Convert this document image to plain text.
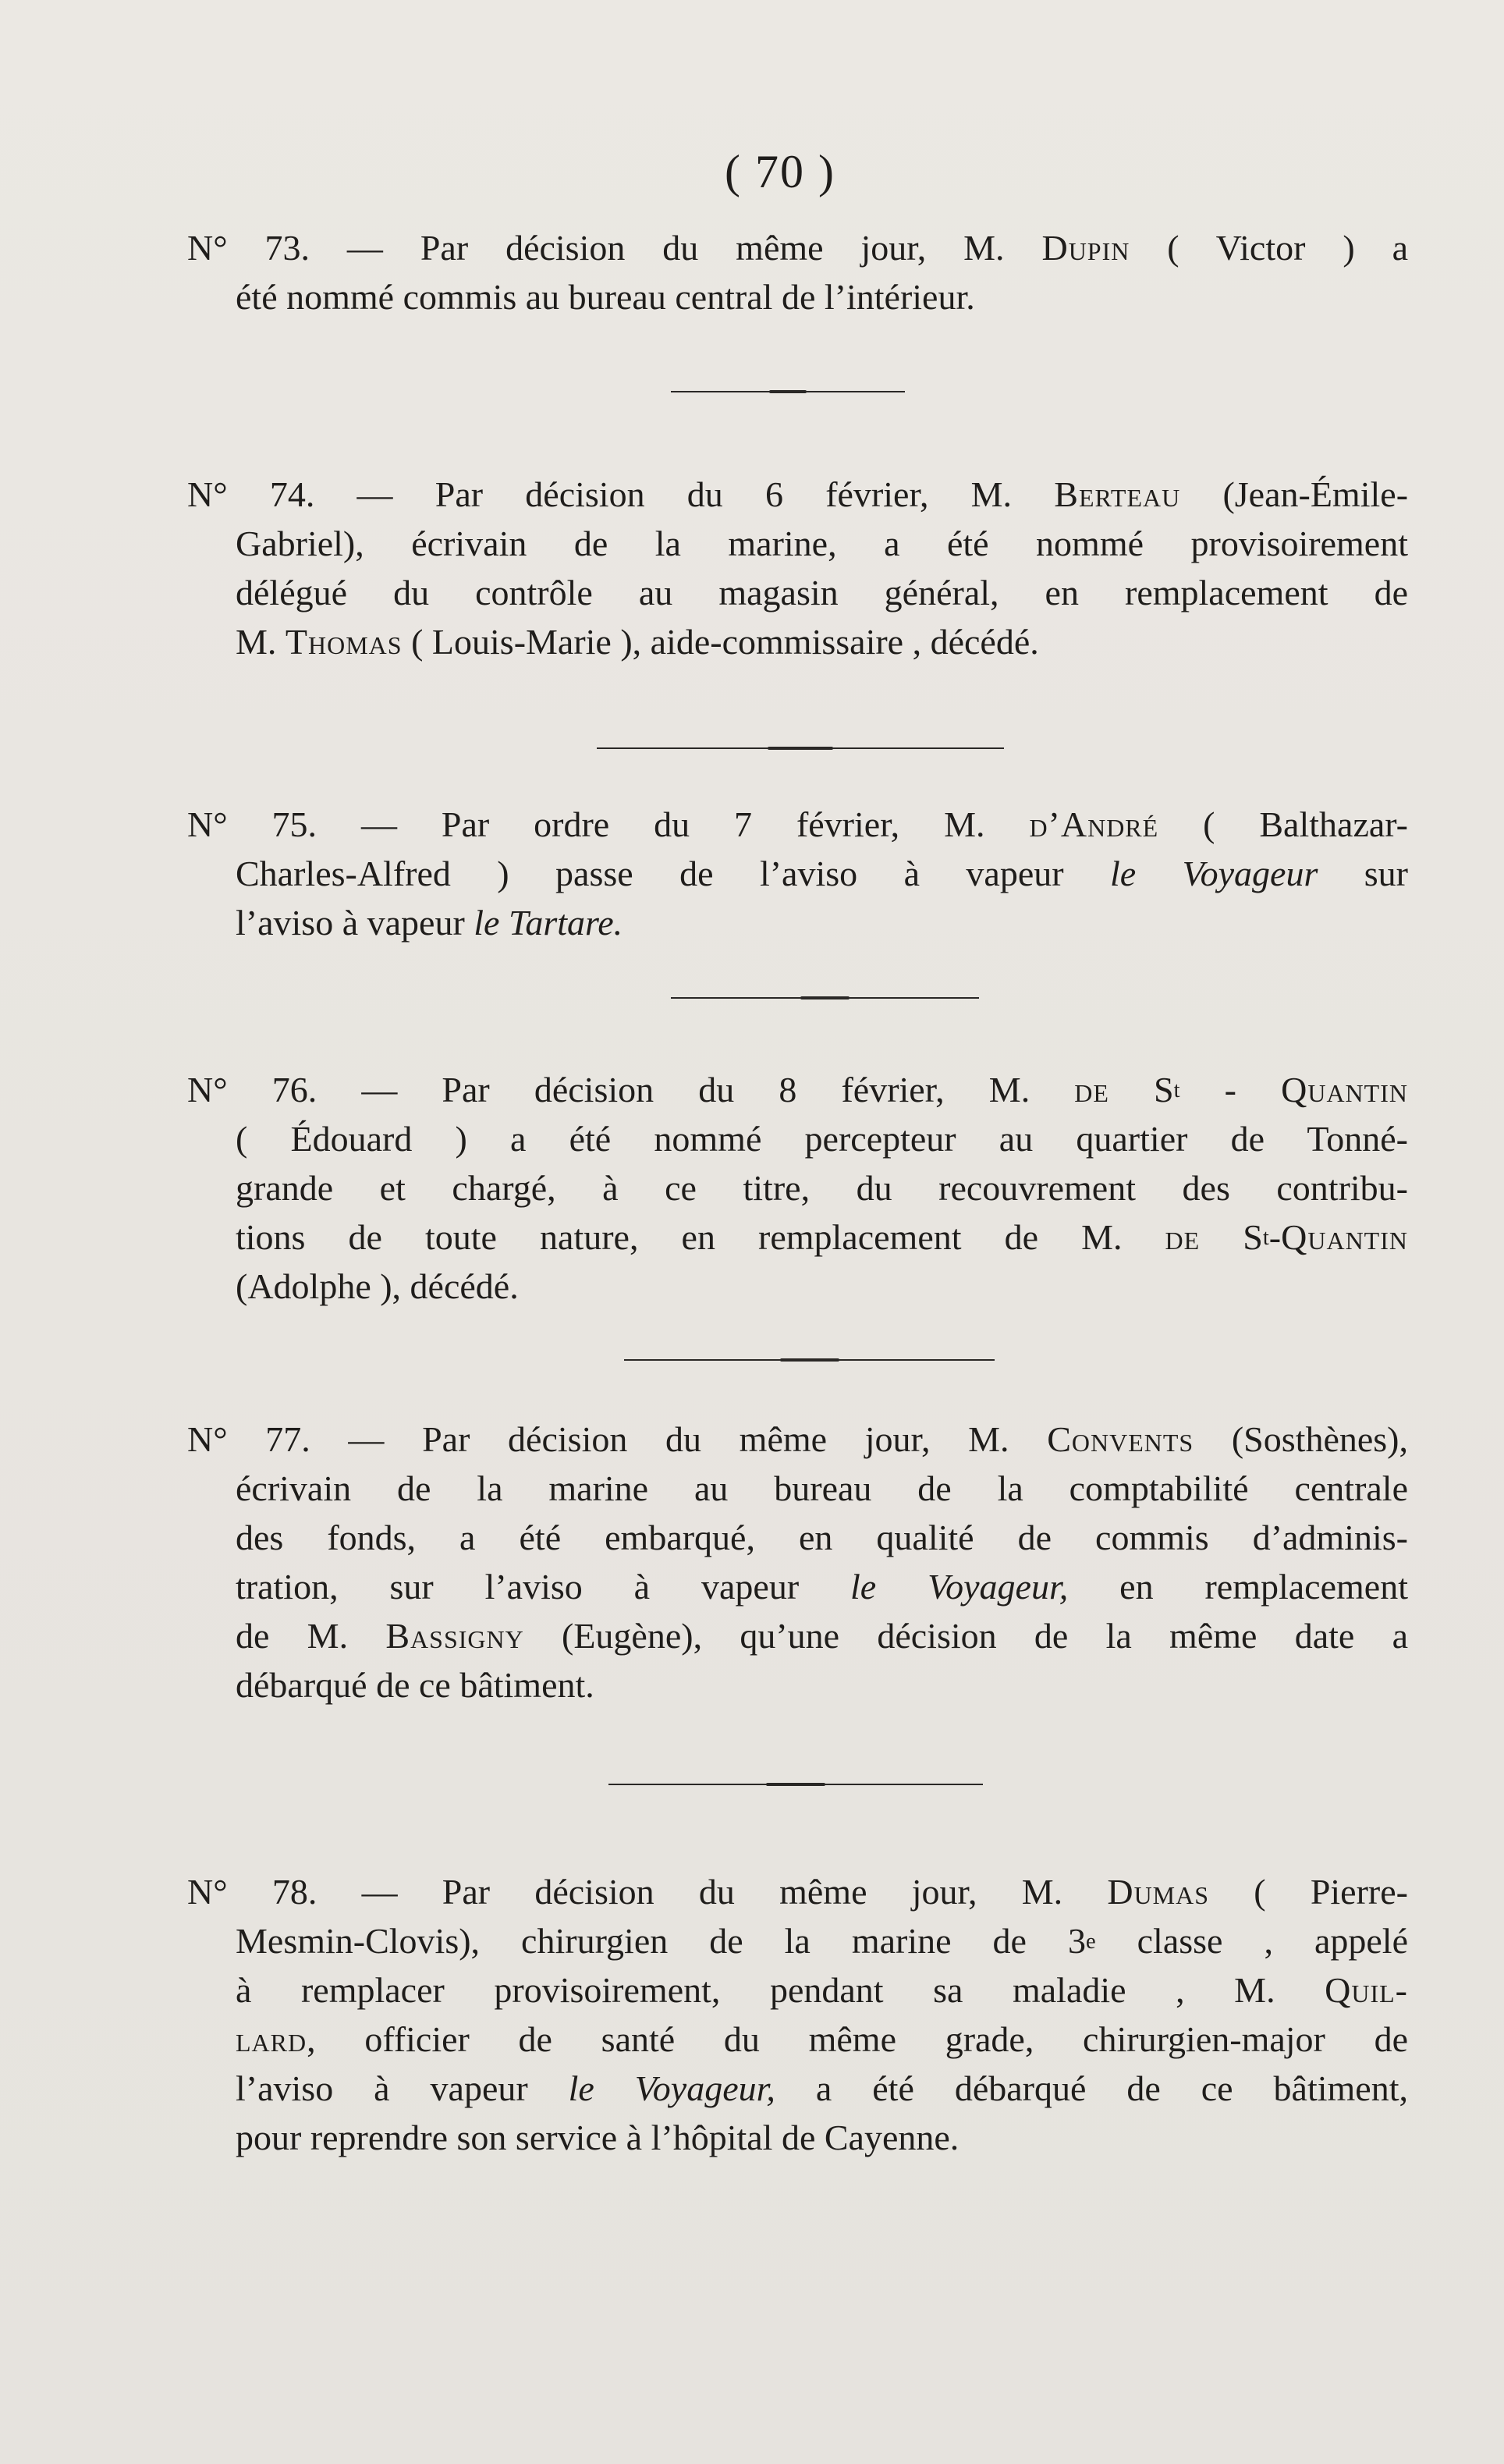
( 70 )
N° 73. — Par décision du même jour, M. Dupin ( Victor ) a
été nommé commis au bureau central de l’intérieur.
N° 74. — Par décision du 6 février, M. Berteau (Jean-Émile-
Gabriel), écrivain de la marine, a été nommé provisoirement
délégué du contrôle au magasin général, en remplacement de
M. Thomas ( Louis-Marie ), aide-commissaire , décédé.
N° 75. — Par ordre du 7 février, M. d’André ( Balthazar-
Charles-Alfred ) passe de l’aviso à vapeur le Voyageur sur
l’aviso à vapeur le Tartare.
N° 76. — Par décision du 8 février, M. de $S^t$ - Quantin
( Édouard ) a été nommé percepteur au quartier de Tonné-
grande et chargé, à ce titre, du recouvrement des contribu-
tions de toute nature, en remplacement de M. de $S^t$-Quantin
(Adolphe ), décédé.
N° 77. — Par décision du même jour, M. Convents (Sosthènes),
écrivain de la marine au bureau de la comptabilité centrale
des fonds, a été embarqué, en qualité de commis d’adminis-
tration, sur l’aviso à vapeur le Voyageur, en remplacement
de M. Bassigny (Eugène), qu’une décision de la même date a
débarqué de ce bâtiment.
N° 78. — Par décision du même jour, M. Dumas ( Pierre-
Mesmin-Clovis), chirurgien de la marine de 3e classe , appelé
à remplacer provisoirement, pendant sa maladie , M. Quil-
lard, officier de santé du même grade, chirurgien-major de
l’aviso à vapeur le Voyageur, a été débarqué de ce bâtiment,
pour reprendre son service à l’hôpital de Cayenne.
